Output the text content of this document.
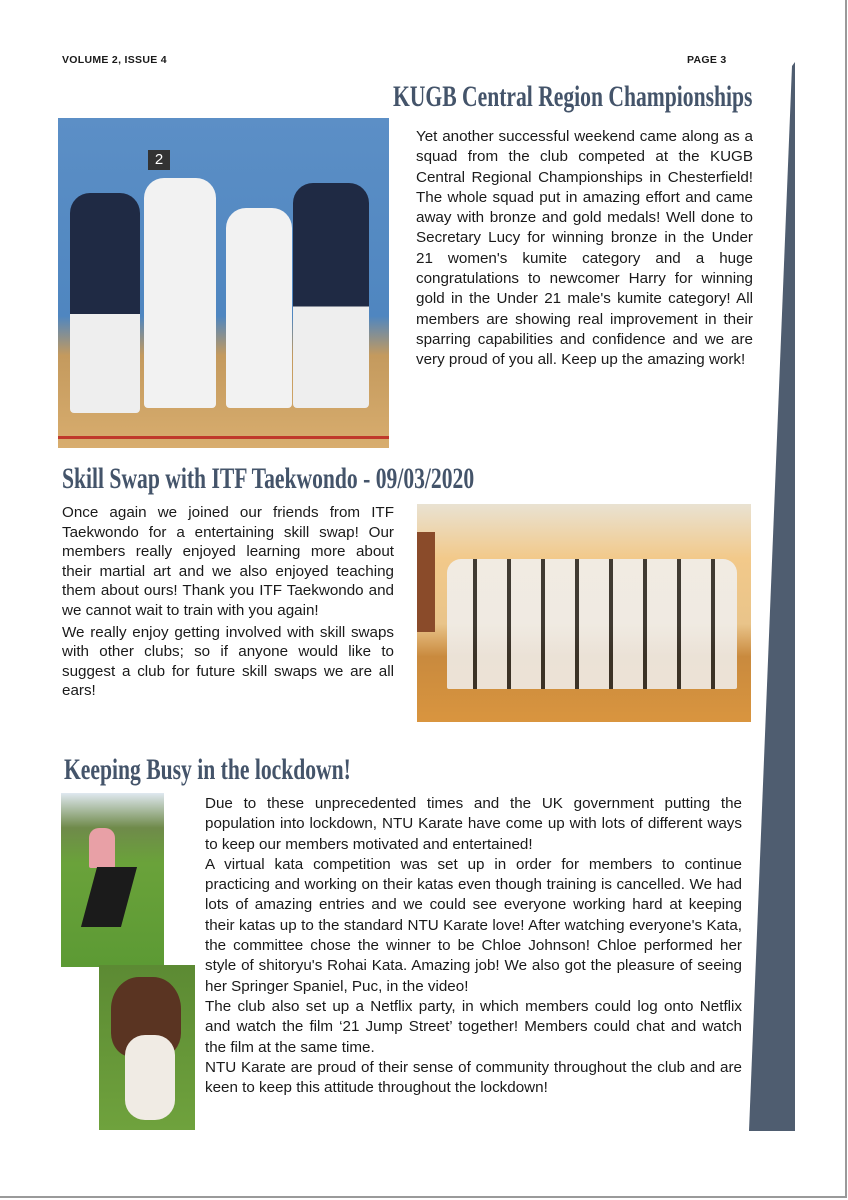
VOLUME 2, ISSUE 4	PAGE 3
KUGB Central Region Championships
2

Yet another successful weekend came along as a squad from the club competed at the KUGB Central Regional Championships in Chesterfield! The whole squad put in amazing effort and came away with bronze and gold medals! Well done to Secretary Lucy for winning bronze in the Under 21 women's kumite category and a huge congratulations to newcomer Harry for winning gold in the Under 21 male's kumite category! All members are showing real improvement in their sparring capabilities and confidence and we are very proud of you all. Keep up the amazing work!

Skill Swap with ITF Taekwondo - 09/03/2020

Once again we joined our friends from ITF Taekwondo for a entertaining skill swap! Our members really enjoyed learning more about their martial art and we also enjoyed teaching them about ours! Thank you ITF Taekwondo and we cannot wait to train with you again!

We really enjoy getting involved with skill swaps with other clubs; so if anyone would like to suggest a club for future skill swaps we are all ears!

Keeping Busy in the lockdown!

Due to these unprecedented times and the UK government putting the population into lockdown, NTU Karate have come up with lots of different ways to keep our members motivated and entertained!

A virtual kata competition was set up in order for members to continue practicing and working on their katas even though training is cancelled. We had lots of amazing entries and we could see everyone working hard at keeping their katas up to the standard NTU Karate love! After watching everyone's Kata, the committee chose the winner to be Chloe Johnson! Chloe performed her style of shitoryu's Rohai Kata. Amazing job! We also got the pleasure of seeing her Springer Spaniel, Puc, in the video!

The club also set up a Netflix party, in which members could log onto Netflix and watch the film ‘21 Jump Street’ together! Members could chat and watch the film at the same time.

NTU Karate are proud of their sense of community throughout the club and are keen to keep this attitude throughout the lockdown!
